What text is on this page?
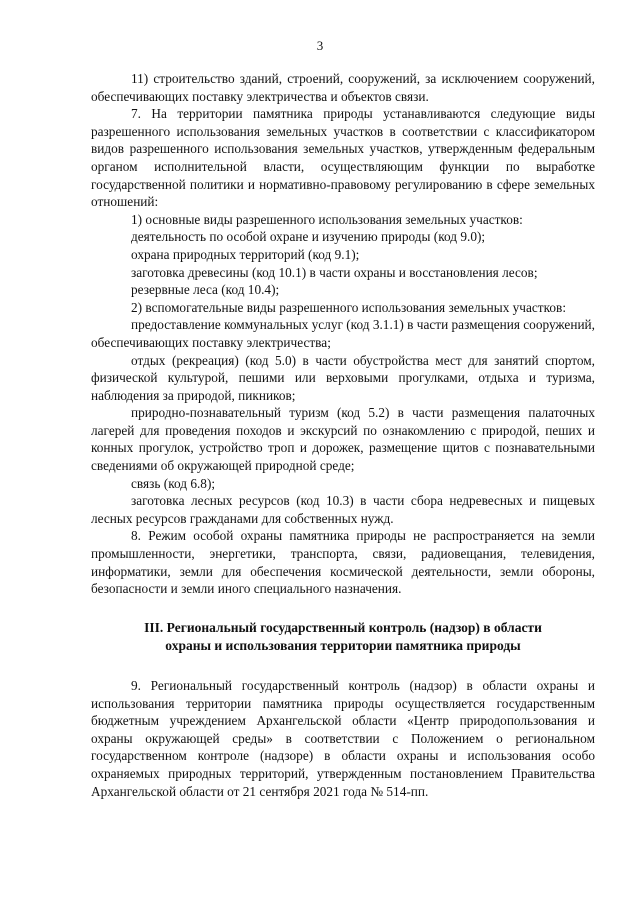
3

11) строительство зданий, строений, сооружений, за исключением сооружений, обеспечивающих поставку электричества и объектов связи.

7. На территории памятника природы устанавливаются следующие виды разрешенного использования земельных участков в соответствии с классификатором видов разрешенного использования земельных участков, утвержденным федеральным органом исполнительной власти, осуществляющим функции по выработке государственной политики и нормативно-правовому регулированию в сфере земельных отношений:

1) основные виды разрешенного использования земельных участков:

деятельность по особой охране и изучению природы (код 9.0);

охрана природных территорий (код 9.1);

заготовка древесины (код 10.1) в части охраны и восстановления лесов;

резервные леса (код 10.4);

2) вспомогательные виды разрешенного использования земельных участков:

предоставление коммунальных услуг (код 3.1.1) в части размещения сооружений, обеспечивающих поставку электричества;

отдых (рекреация) (код 5.0) в части обустройства мест для занятий спортом, физической культурой, пешими или верховыми прогулками, отдыха и туризма, наблюдения за природой, пикников;

природно-познавательный туризм (код 5.2) в части размещения палаточных лагерей для проведения походов и экскурсий по ознакомлению с природой, пеших и конных прогулок, устройство троп и дорожек, размещение щитов с познавательными сведениями об окружающей природной среде;

связь (код 6.8);

заготовка лесных ресурсов (код 10.3) в части сбора недревесных и пищевых лесных ресурсов гражданами для собственных нужд.

8. Режим особой охраны памятника природы не распространяется на земли промышленности, энергетики, транспорта, связи, радиовещания, телевидения, информатики, земли для обеспечения космической деятельности, земли обороны, безопасности и земли иного специального назначения.

III. Региональный государственный контроль (надзор) в области
охраны и использования территории памятника природы

9. Региональный государственный контроль (надзор) в области охраны и использования территории памятника природы осуществляется государственным бюджетным учреждением Архангельской области «Центр природопользования и охраны окружающей среды» в соответствии с Положением о региональном государственном контроле (надзоре) в области охраны и использования особо охраняемых природных территорий, утвержденным постановлением Правительства Архангельской области от 21 сентября 2021 года № 514-пп.
